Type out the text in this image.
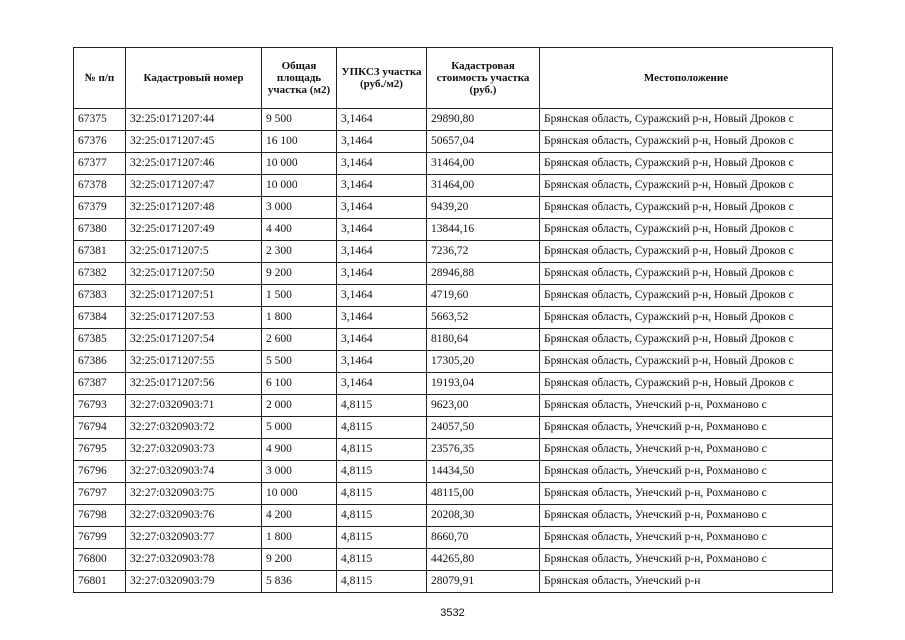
№ п/п	Кадастровый номер	Общая площадь участка (м2)	УПКСЗ участка (руб./м2)	Кадастровая стоимость участка (руб.)	Местоположение
67375	32:25:0171207:44	9 500	3,1464	29890,80	Брянская область, Суражский р-н, Новый Дроков с
67376	32:25:0171207:45	16 100	3,1464	50657,04	Брянская область, Суражский р-н, Новый Дроков с
67377	32:25:0171207:46	10 000	3,1464	31464,00	Брянская область, Суражский р-н, Новый Дроков с
67378	32:25:0171207:47	10 000	3,1464	31464,00	Брянская область, Суражский р-н, Новый Дроков с
67379	32:25:0171207:48	3 000	3,1464	9439,20	Брянская область, Суражский р-н, Новый Дроков с
67380	32:25:0171207:49	4 400	3,1464	13844,16	Брянская область, Суражский р-н, Новый Дроков с
67381	32:25:0171207:5	2 300	3,1464	7236,72	Брянская область, Суражский р-н, Новый Дроков с
67382	32:25:0171207:50	9 200	3,1464	28946,88	Брянская область, Суражский р-н, Новый Дроков с
67383	32:25:0171207:51	1 500	3,1464	4719,60	Брянская область, Суражский р-н, Новый Дроков с
67384	32:25:0171207:53	1 800	3,1464	5663,52	Брянская область, Суражский р-н, Новый Дроков с
67385	32:25:0171207:54	2 600	3,1464	8180,64	Брянская область, Суражский р-н, Новый Дроков с
67386	32:25:0171207:55	5 500	3,1464	17305,20	Брянская область, Суражский р-н, Новый Дроков с
67387	32:25:0171207:56	6 100	3,1464	19193,04	Брянская область, Суражский р-н, Новый Дроков с
76793	32:27:0320903:71	2 000	4,8115	9623,00	Брянская область, Унечский р-н, Рохманово с
76794	32:27:0320903:72	5 000	4,8115	24057,50	Брянская область, Унечский р-н, Рохманово с
76795	32:27:0320903:73	4 900	4,8115	23576,35	Брянская область, Унечский р-н, Рохманово с
76796	32:27:0320903:74	3 000	4,8115	14434,50	Брянская область, Унечский р-н, Рохманово с
76797	32:27:0320903:75	10 000	4,8115	48115,00	Брянская область, Унечский р-н, Рохманово с
76798	32:27:0320903:76	4 200	4,8115	20208,30	Брянская область, Унечский р-н, Рохманово с
76799	32:27:0320903:77	1 800	4,8115	8660,70	Брянская область, Унечский р-н, Рохманово с
76800	32:27:0320903:78	9 200	4,8115	44265,80	Брянская область, Унечский р-н, Рохманово с
76801	32:27:0320903:79	5 836	4,8115	28079,91	Брянская область, Унечский р-н
3532
